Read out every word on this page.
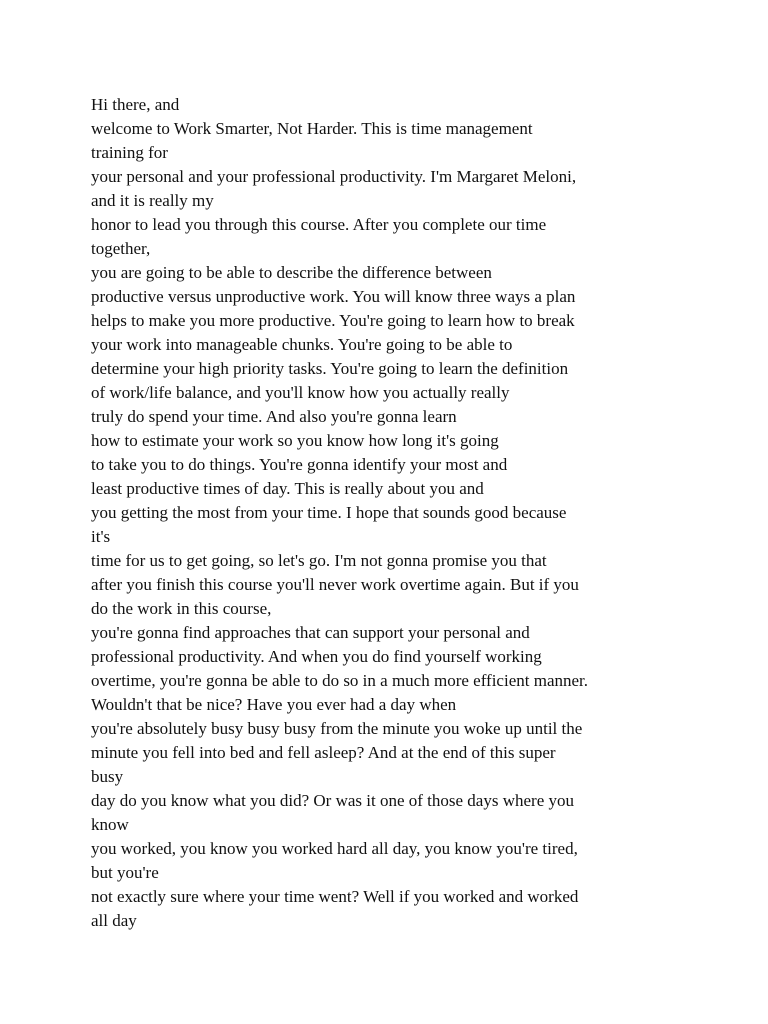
Hi there, and
welcome to Work Smarter, Not Harder. This is time management
training for
your personal and your professional productivity. I'm Margaret Meloni,
and it is really my
honor to lead you through this course. After you complete our time
together,
you are going to be able to describe the difference between
productive versus unproductive work. You will know three ways a plan
helps to make you more productive. You're going to learn how to break
your work into manageable chunks. You're going to be able to
determine your high priority tasks. You're going to learn the definition
of work/life balance, and you'll know how you actually really
truly do spend your time. And also you're gonna learn
how to estimate your work so you know how long it's going
to take you to do things. You're gonna identify your most and
least productive times of day. This is really about you and
you getting the most from your time. I hope that sounds good because
it's
time for us to get going, so let's go. I'm not gonna promise you that
after you finish this course you'll never work overtime again. But if you
do the work in this course,
you're gonna find approaches that can support your personal and
professional productivity. And when you do find yourself working
overtime, you're gonna be able to do so in a much more efficient manner.
Wouldn't that be nice? Have you ever had a day when
you're absolutely busy busy busy from the minute you woke up until the
minute you fell into bed and fell asleep? And at the end of this super
busy
day do you know what you did? Or was it one of those days where you
know
you worked, you know you worked hard all day, you know you're tired,
but you're
not exactly sure where your time went? Well if you worked and worked
all day
